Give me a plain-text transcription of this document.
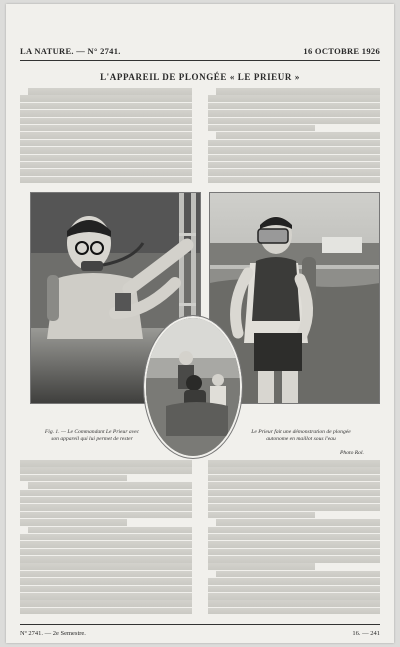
LA NATURE. — N° 2741.	16 OCTOBRE 1926
L'APPAREIL DE PLONGÉE « LE PRIEUR »
Fig. 1. — Le Commandant Le Prieur avec son appareil qui lui permet de rester
Le Prieur fait une démonstration de plongée autonome en maillot sous l'eau
Photo Rol.
Nº 2741. — 2e Semestre.	16. — 241
